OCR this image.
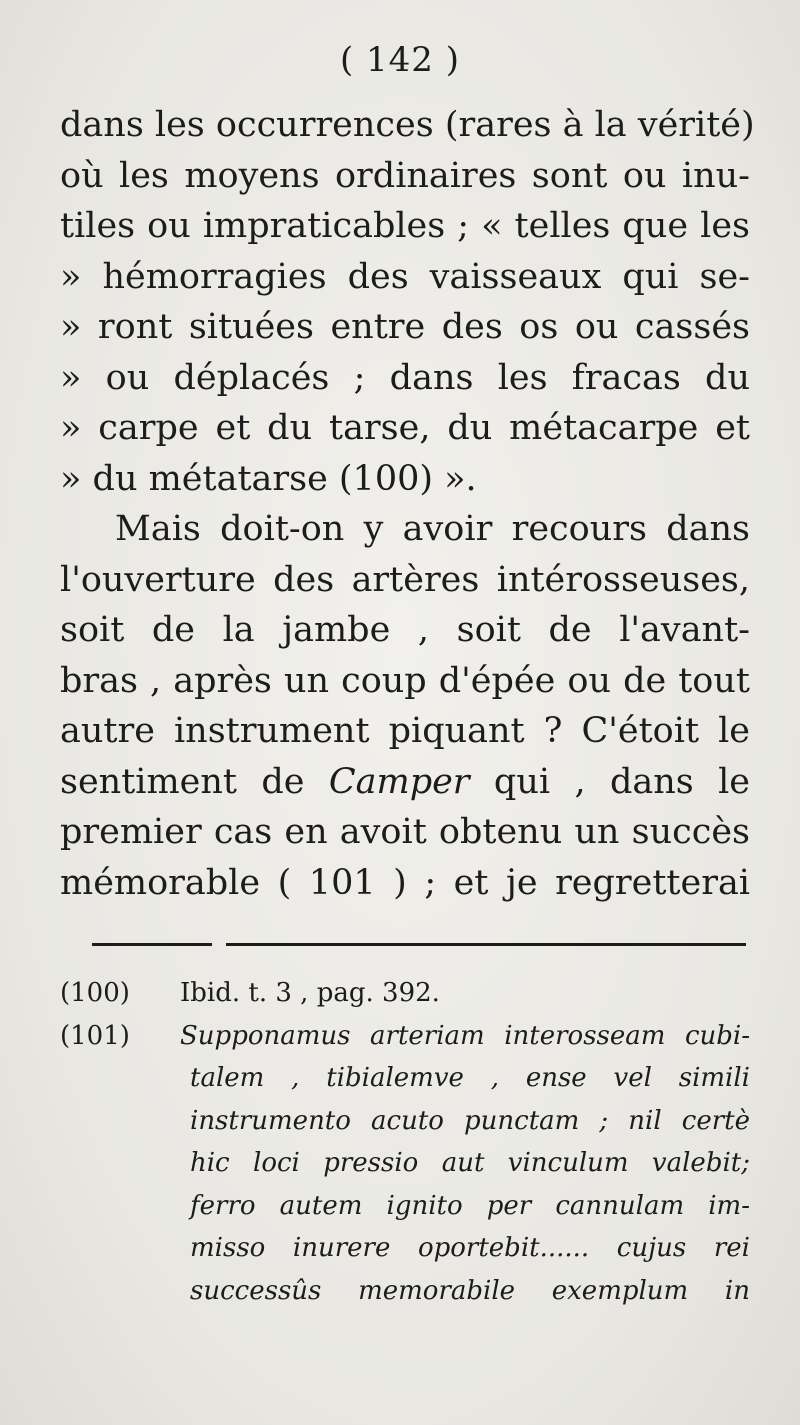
( 142 )
dans les occurrences (rares à la vérité)
où les moyens ordinaires sont ou inu-
tiles ou impraticables ; « telles que les
» hémorragies des vaisseaux qui se-
» ront situées entre des os ou cassés
» ou déplacés ; dans les fracas du
» carpe et du tarse, du métacarpe et
» du métatarse (100) ».
Mais doit-on y avoir recours dans
l'ouverture des artères intérosseuses,
soit de la jambe , soit de l'avant-
bras , après un coup d'épée ou de tout
autre instrument piquant ? C'étoit le
sentiment de Camper qui , dans le
premier cas en avoit obtenu un succès
mémorable ( 101 ) ; et je regretterai
(100) Ibid. t. 3 , pag. 392.
(101) Supponamus arteriam interosseam cubi-
talem , tibialemve , ense vel simili
instrumento acuto punctam ; nil certè
hic loci pressio aut vinculum valebit;
ferro autem ignito per cannulam im-
misso inurere oportebit...... cujus rei
successûs memorabile exemplum in
